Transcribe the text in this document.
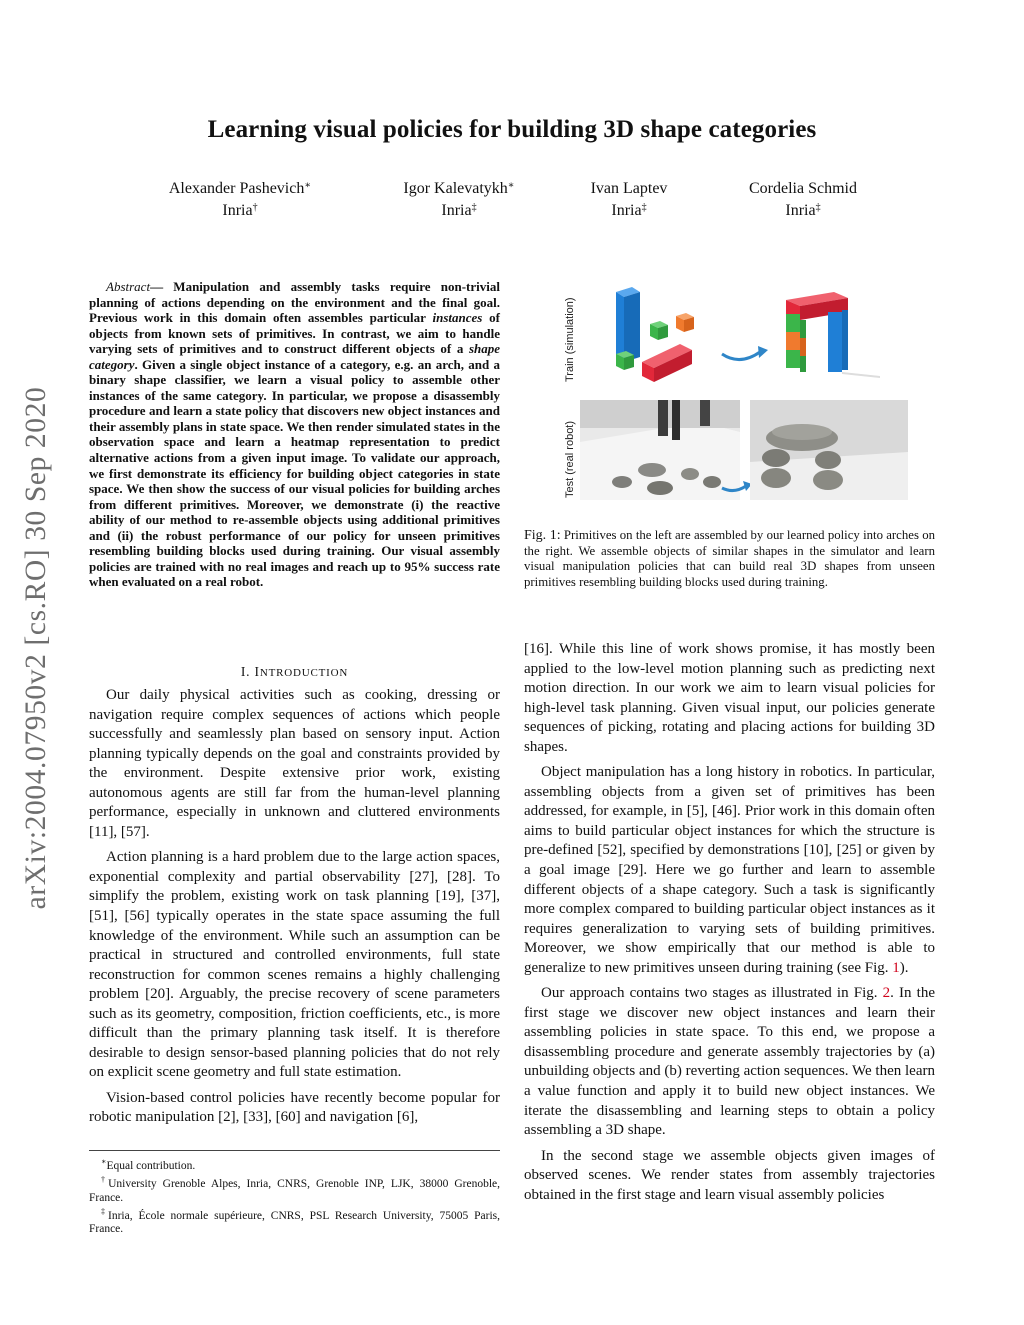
arXiv:2004.07950v2 [cs.RO] 30 Sep 2020
Learning visual policies for building 3D shape categories
Alexander Pashevich∗
Inria†
Igor Kalevatykh∗
Inria‡
Ivan Laptev
Inria‡
Cordelia Schmid
Inria‡
Abstract— Manipulation and assembly tasks require non-trivial planning of actions depending on the environment and the final goal. Previous work in this domain often assembles particular instances of objects from known sets of primitives. In contrast, we aim to handle varying sets of primitives and to construct different objects of a shape category. Given a single object instance of a category, e.g. an arch, and a binary shape classifier, we learn a visual policy to assemble other instances of the same category. In particular, we propose a disassembly procedure and learn a state policy that discovers new object instances and their assembly plans in state space. We then render simulated states in the observation space and learn a heatmap representation to predict alternative actions from a given input image. To validate our approach, we first demonstrate its efficiency for building object categories in state space. We then show the success of our visual policies for building arches from different primitives. Moreover, we demonstrate (i) the reactive ability of our method to re-assemble objects using additional primitives and (ii) the robust performance of our policy for unseen primitives resembling building blocks used during training. Our visual assembly policies are trained with no real images and reach up to 95% success rate when evaluated on a real robot.
I. INTRODUCTION

Our daily physical activities such as cooking, dressing or navigation require complex sequences of actions which people successfully and seamlessly plan based on sensory input. Action planning typically depends on the goal and constraints provided by the environment. Despite extensive prior work, existing autonomous agents are still far from the human-level planning performance, especially in unknown and cluttered environments [11], [57].

Action planning is a hard problem due to the large action spaces, exponential complexity and partial observability [27], [28]. To simplify the problem, existing work on task planning [19], [37], [51], [56] typically operates in the state space assuming the full knowledge of the environment. While such an assumption can be practical in structured and controlled environments, full state reconstruction for common scenes remains a highly challenging problem [20]. Arguably, the precise recovery of scene parameters such as its geometry, composition, friction coefficients, etc., is more difficult than the primary planning task itself. It is therefore desirable to design sensor-based planning policies that do not rely on explicit scene geometry and full state estimation.

Vision-based control policies have recently become popular for robotic manipulation [2], [33], [60] and navigation [6],

∗Equal contribution.
†University Grenoble Alpes, Inria, CNRS, Grenoble INP, LJK, 38000 Grenoble, France.
‡Inria, École normale supérieure, CNRS, PSL Research University, 75005 Paris, France.
Train (simulation)
Test (real robot)
Fig. 1: Primitives on the left are assembled by our learned policy into arches on the right. We assemble objects of similar shapes in the simulator and learn visual manipulation policies that can build real 3D shapes from unseen primitives resembling building blocks used during training.

[16]. While this line of work shows promise, it has mostly been applied to the low-level motion planning such as predicting next motion direction. In our work we aim to learn visual policies for high-level task planning. Given visual input, our policies generate sequences of picking, rotating and placing actions for building 3D shapes.

Object manipulation has a long history in robotics. In particular, assembling objects from a given set of primitives has been addressed, for example, in [5], [46]. Prior work in this domain often aims to build particular object instances for which the structure is pre-defined [52], specified by demonstrations [10], [25] or given by a goal image [29]. Here we go further and learn to assemble different objects of a shape category. Such a task is significantly more complex compared to building particular object instances as it requires generalization to varying sets of building primitives. Moreover, we show empirically that our method is able to generalize to new primitives unseen during training (see Fig. 1).

Our approach contains two stages as illustrated in Fig. 2. In the first stage we discover new object instances and learn their assembling policies in state space. To this end, we propose a disassembling procedure and generate assembly trajectories by (a) unbuilding objects and (b) reverting action sequences. We then learn a value function and apply it to build new object instances. We iterate the disassembling and learning steps to obtain a policy assembling a 3D shape.

In the second stage we assemble objects given images of observed scenes. We render states from assembly trajectories obtained in the first stage and learn visual assembly policies
